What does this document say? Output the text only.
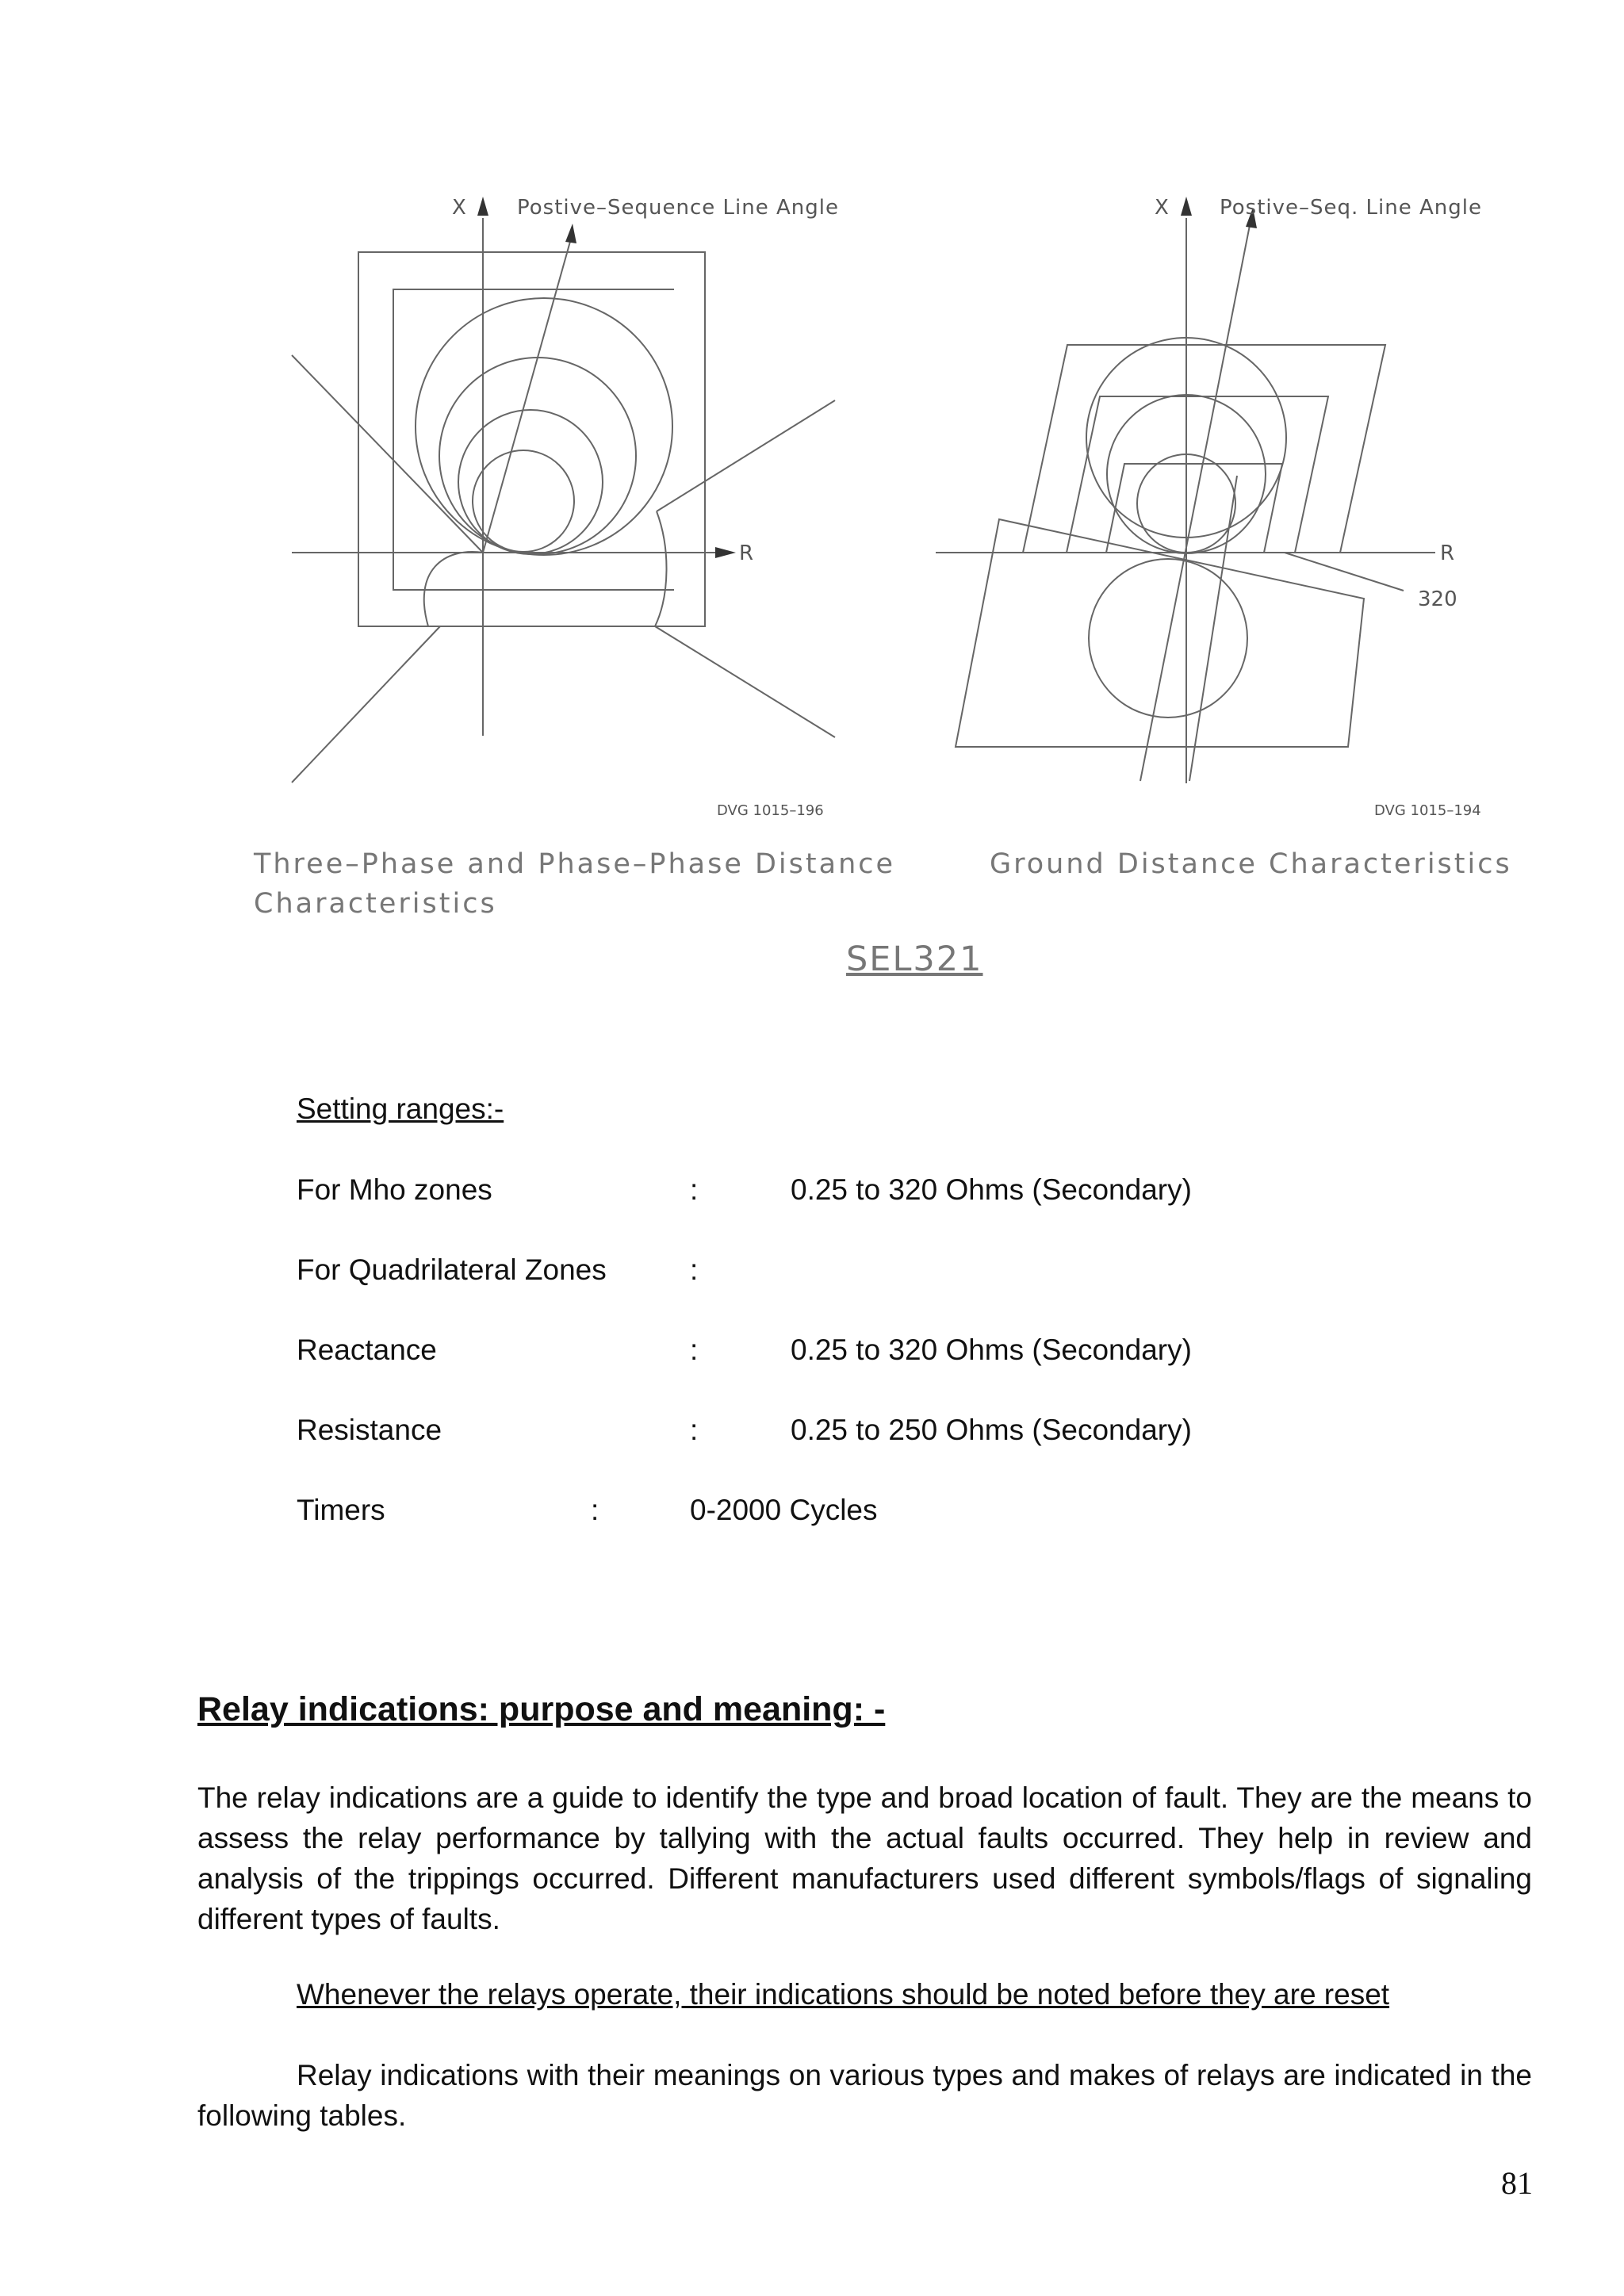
X Postive–Sequence Line Angle
R
DVG 1015–196
X Postive–Seq. Line Angle
R
320
DVG 1015–194
Three–Phase and Phase–Phase Distance
Characteristics
Ground Distance Characteristics
SEL321
Setting ranges:-
For Mho zones	:	0.25 to 320 Ohms (Secondary)
For Quadrilateral Zones	:
Reactance	:	0.25 to 320 Ohms (Secondary)
Resistance	:	0.25 to 250 Ohms (Secondary)
Timers	:	0-2000 Cycles
Relay indications: purpose and meaning: -
The relay indications are a guide to identify the type and broad location of fault. They are the means to assess the relay performance by tallying with the actual faults occurred. They help in review and analysis of the trippings occurred. Different manufacturers used different symbols/flags of signaling different types of faults.
Whenever the relays operate, their indications should be noted before they are reset
Relay indications with their meanings on various types and makes of relays are indicated in the following tables.
81
